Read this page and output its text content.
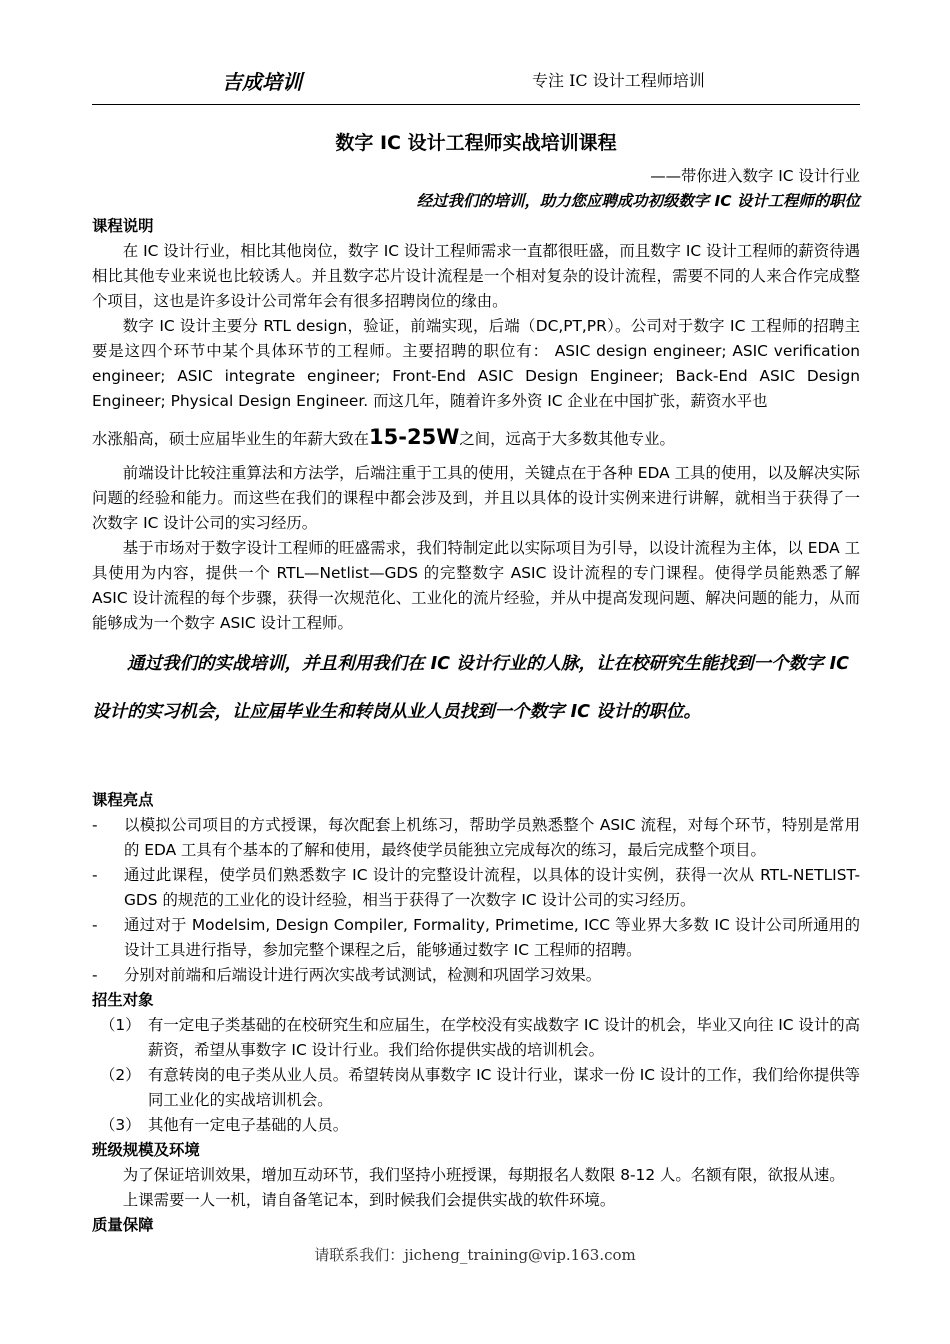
吉成培训	专注 IC 设计工程师培训
数字 IC 设计工程师实战培训课程

——带你进入数字 IC 设计行业

经过我们的培训，助力您应聘成功初级数字 IC 设计工程师的职位

课程说明

在 IC 设计行业，相比其他岗位，数字 IC 设计工程师需求一直都很旺盛，而且数字 IC 设计工程师的薪资待遇相比其他专业来说也比较诱人。并且数字芯片设计流程是一个相对复杂的设计流程，需要不同的人来合作完成整个项目，这也是许多设计公司常年会有很多招聘岗位的缘由。

数字 IC 设计主要分 RTL design，验证，前端实现，后端（DC,PT,PR）。公司对于数字 IC 工程师的招聘主要是这四个环节中某个具体环节的工程师。主要招聘的职位有： ASIC design engineer; ASIC verification engineer; ASIC integrate engineer; Front-End ASIC Design Engineer; Back-End ASIC Design Engineer; Physical Design Engineer. 而这几年，随着许多外资 IC 企业在中国扩张，薪资水平也

水涨船高，硕士应届毕业生的年薪大致在15-25W之间，远高于大多数其他专业。

前端设计比较注重算法和方法学，后端注重于工具的使用，关键点在于各种 EDA 工具的使用，以及解决实际问题的经验和能力。而这些在我们的课程中都会涉及到，并且以具体的设计实例来进行讲解，就相当于获得了一次数字 IC 设计公司的实习经历。

基于市场对于数字设计工程师的旺盛需求，我们特制定此以实际项目为引导，以设计流程为主体，以 EDA 工具使用为内容，提供一个 RTL—Netlist—GDS 的完整数字 ASIC 设计流程的专门课程。使得学员能熟悉了解 ASIC 设计流程的每个步骤，获得一次规范化、工业化的流片经验，并从中提高发现问题、解决问题的能力，从而能够成为一个数字 ASIC 设计工程师。

通过我们的实战培训，并且利用我们在 IC 设计行业的人脉，让在校研究生能找到一个数字 IC 设计的实习机会，让应届毕业生和转岗从业人员找到一个数字 IC 设计的职位。

课程亮点

- 以模拟公司项目的方式授课，每次配套上机练习，帮助学员熟悉整个 ASIC 流程，对每个环节，特别是常用的 EDA 工具有个基本的了解和使用，最终使学员能独立完成每次的练习，最后完成整个项目。
- 通过此课程，使学员们熟悉数字 IC 设计的完整设计流程，以具体的设计实例，获得一次从 RTL-NETLIST-GDS 的规范的工业化的设计经验，相当于获得了一次数字 IC 设计公司的实习经历。
- 通过对于 Modelsim, Design Compiler, Formality, Primetime, ICC 等业界大多数 IC 设计公司所通用的设计工具进行指导，参加完整个课程之后，能够通过数字 IC 工程师的招聘。
- 分别对前端和后端设计进行两次实战考试测试，检测和巩固学习效果。

招生对象

（1） 有一定电子类基础的在校研究生和应届生，在学校没有实战数字 IC 设计的机会，毕业又向往 IC 设计的高薪资，希望从事数字 IC 设计行业。我们给你提供实战的培训机会。
（2） 有意转岗的电子类从业人员。希望转岗从事数字 IC 设计行业，谋求一份 IC 设计的工作，我们给你提供等同工业化的实战培训机会。
（3） 其他有一定电子基础的人员。

班级规模及环境

为了保证培训效果，增加互动环节，我们坚持小班授课，每期报名人数限 8-12 人。名额有限，欲报从速。

上课需要一人一机，请自备笔记本，到时候我们会提供实战的软件环境。

质量保障

请联系我们：jicheng_training@vip.163.com
